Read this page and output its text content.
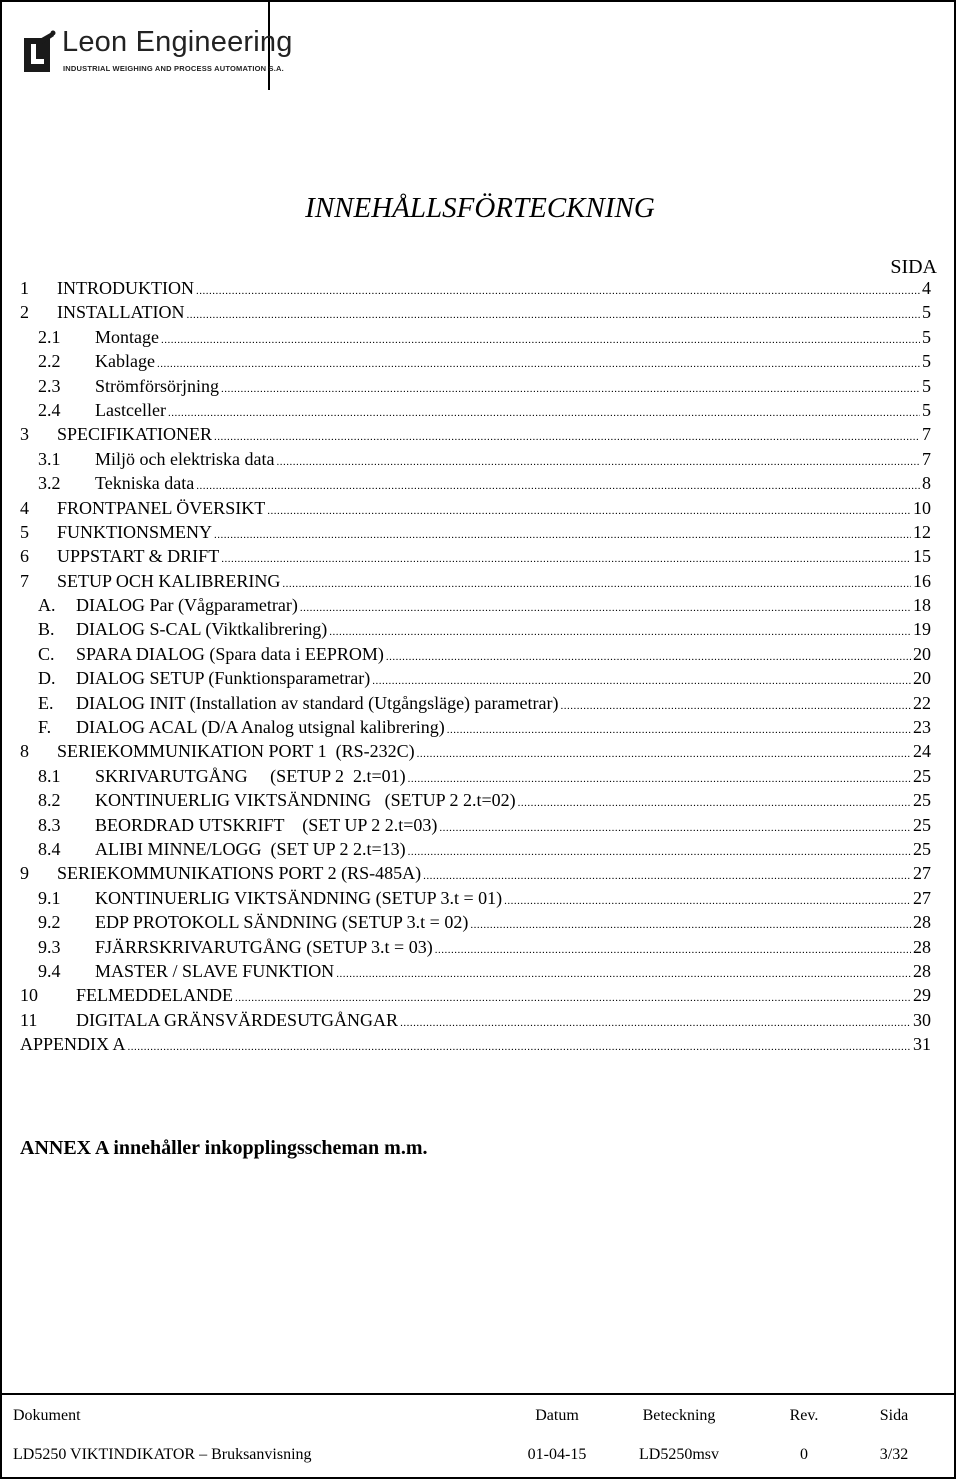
Leon Engineering
INDUSTRIAL WEIGHING AND PROCESS AUTOMATION S.A.
INNEHÅLLSFÖRTECKNING
SIDA
1	INTRODUKTION .....	4
2	INSTALLATION .....	5
2.1	Montage .....	5
2.2	Kablage .....	5
2.3	Strömförsörjning .....	5
2.4	Lastceller .....	5
3	SPECIFIKATIONER .....	7
3.1	Miljö och elektriska data .....	7
3.2	Tekniska data .....	8
4	FRONTPANEL ÖVERSIKT .....	10
5	FUNKTIONSMENY .....	12
6	UPPSTART & DRIFT .....	15
7	SETUP OCH KALIBRERING .....	16
A.	DIALOG Par (Vågparametrar) .....	18
B.	DIALOG S-CAL (Viktkalibrering) .....	19
C.	SPARA DIALOG (Spara data i EEPROM) .....	20
D.	DIALOG SETUP (Funktionsparametrar) .....	20
E.	DIALOG INIT (Installation av standard (Utgångsläge) parametrar) .....	22
F.	DIALOG ACAL (D/A Analog utsignal kalibrering) .....	23
8	SERIEKOMMUNIKATION PORT 1  (RS-232C) .....	24
8.1	SKRIVARUTGÅNG     (SETUP 2  2.t=01) .....	25
8.2	KONTINUERLIG VIKTSÄNDNING   (SETUP 2 2.t=02) .....	25
8.3	BEORDRAD UTSKRIFT    (SET UP 2 2.t=03) .....	25
8.4	ALIBI MINNE/LOGG  (SET UP 2 2.t=13) .....	25
9	SERIEKOMMUNIKATIONS PORT 2 (RS-485A) .....	27
9.1	KONTINUERLIG VIKTSÄNDNING (SETUP 3.t = 01) .....	27
9.2	EDP PROTOKOLL SÄNDNING (SETUP 3.t = 02) .....	28
9.3	FJÄRRSKRIVARUTGÅNG (SETUP 3.t = 03) .....	28
9.4	MASTER / SLAVE FUNKTION .....	28
10	FELMEDDELANDE .....	29
11	DIGITALA GRÄNSVÄRDESUTGÅNGAR .....	30
APPENDIX A .....	31
ANNEX A innehåller inkopplingsscheman m.m.
Dokument	Datum	Beteckning	Rev.	Sida
LD5250 VIKTINDIKATOR – Bruksanvisning	01-04-15	LD5250msv	0	3/32
